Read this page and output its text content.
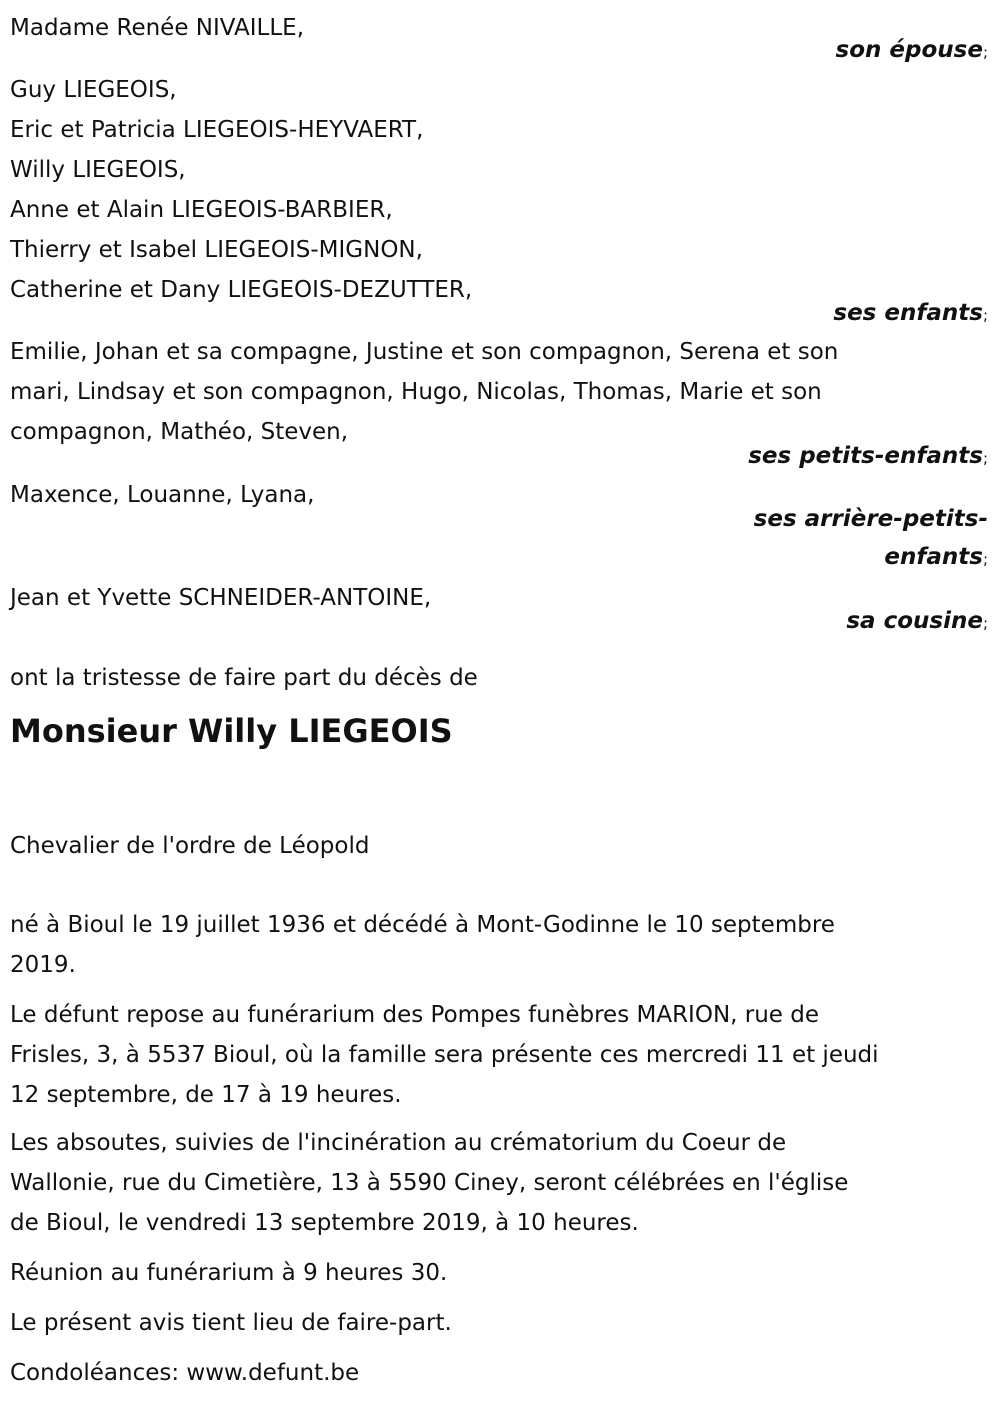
Madame Renée NIVAILLE,
son épouse;
Guy LIEGEOIS,
Eric et Patricia LIEGEOIS-HEYVAERT,
Willy LIEGEOIS,
Anne et Alain LIEGEOIS-BARBIER,
Thierry et Isabel LIEGEOIS-MIGNON,
Catherine et Dany LIEGEOIS-DEZUTTER,
ses enfants;
Emilie, Johan et sa compagne, Justine et son compagnon, Serena et son
mari, Lindsay et son compagnon, Hugo, Nicolas, Thomas, Marie et son
compagnon, Mathéo, Steven,
ses petits-enfants;
Maxence, Louanne, Lyana,
ses arrière-petits-
enfants;
Jean et Yvette SCHNEIDER-ANTOINE,
sa cousine;
ont la tristesse de faire part du décès de
Monsieur Willy LIEGEOIS
Chevalier de l'ordre de Léopold
né à Bioul le 19 juillet 1936 et décédé à Mont-Godinne le 10 septembre
2019.
Le défunt repose au funérarium des Pompes funèbres MARION, rue de
Frisles, 3, à 5537 Bioul, où la famille sera présente ces mercredi 11 et jeudi
12 septembre, de 17 à 19 heures.
Les absoutes, suivies de l'incinération au crématorium du Coeur de
Wallonie, rue du Cimetière, 13 à 5590 Ciney, seront célébrées en l'église
de Bioul, le vendredi 13 septembre 2019, à 10 heures.
Réunion au funérarium à 9 heures 30.
Le présent avis tient lieu de faire-part.
Condoléances: www.defunt.be
